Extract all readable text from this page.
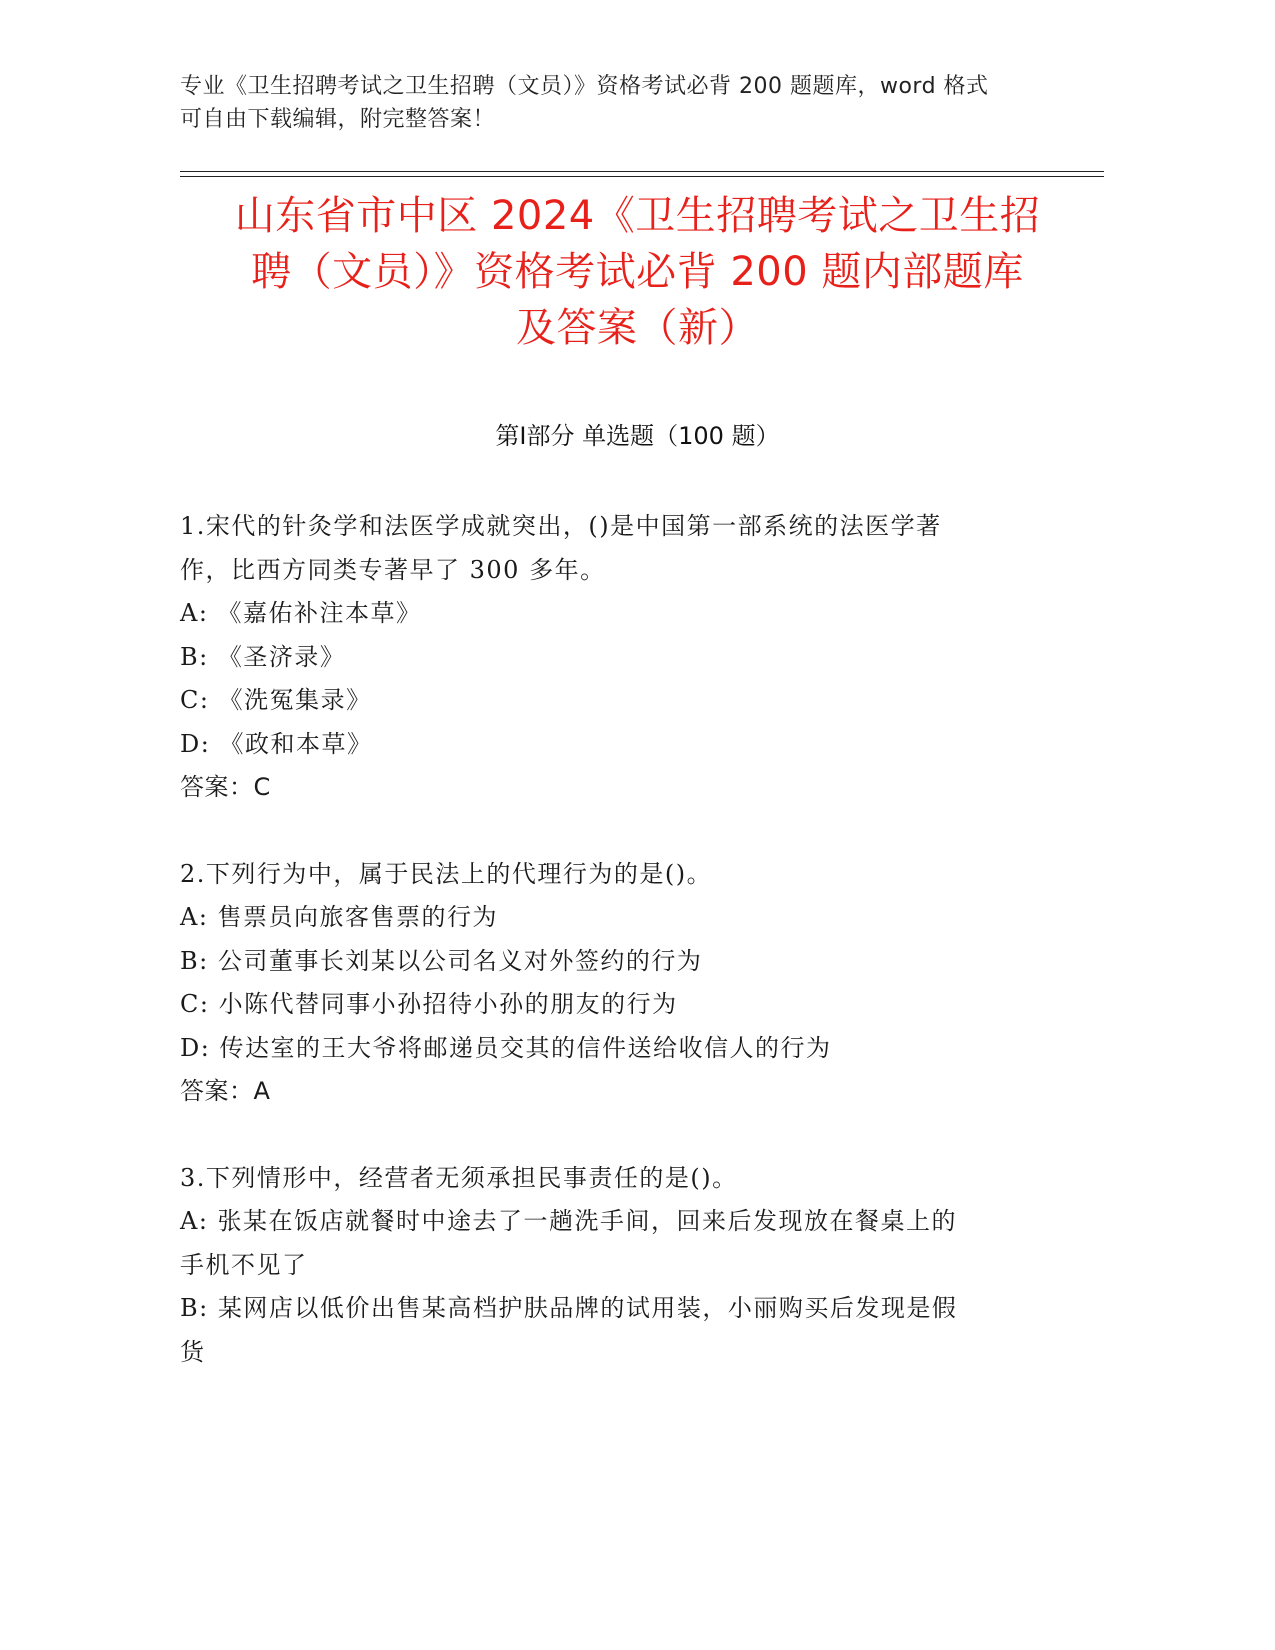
专业《卫生招聘考试之卫生招聘（文员）》资格考试必背 200 题题库，word 格式
可自由下载编辑，附完整答案！
山东省市中区 2024《卫生招聘考试之卫生招
聘（文员）》资格考试必背 200 题内部题库
及答案（新）
第Ⅰ部分 单选题（100 题）
1.宋代的针灸学和法医学成就突出，()是中国第一部系统的法医学著
作，比西方同类专著早了 300 多年。
A: 《嘉佑补注本草》
B: 《圣济录》
C: 《洗冤集录》
D: 《政和本草》
答案：C
2.下列行为中，属于民法上的代理行为的是()。
A: 售票员向旅客售票的行为
B: 公司董事长刘某以公司名义对外签约的行为
C: 小陈代替同事小孙招待小孙的朋友的行为
D: 传达室的王大爷将邮递员交其的信件送给收信人的行为
答案：A
3.下列情形中，经营者无须承担民事责任的是()。
A: 张某在饭店就餐时中途去了一趟洗手间，回来后发现放在餐桌上的
手机不见了
B: 某网店以低价出售某高档护肤品牌的试用装，小丽购买后发现是假
货
